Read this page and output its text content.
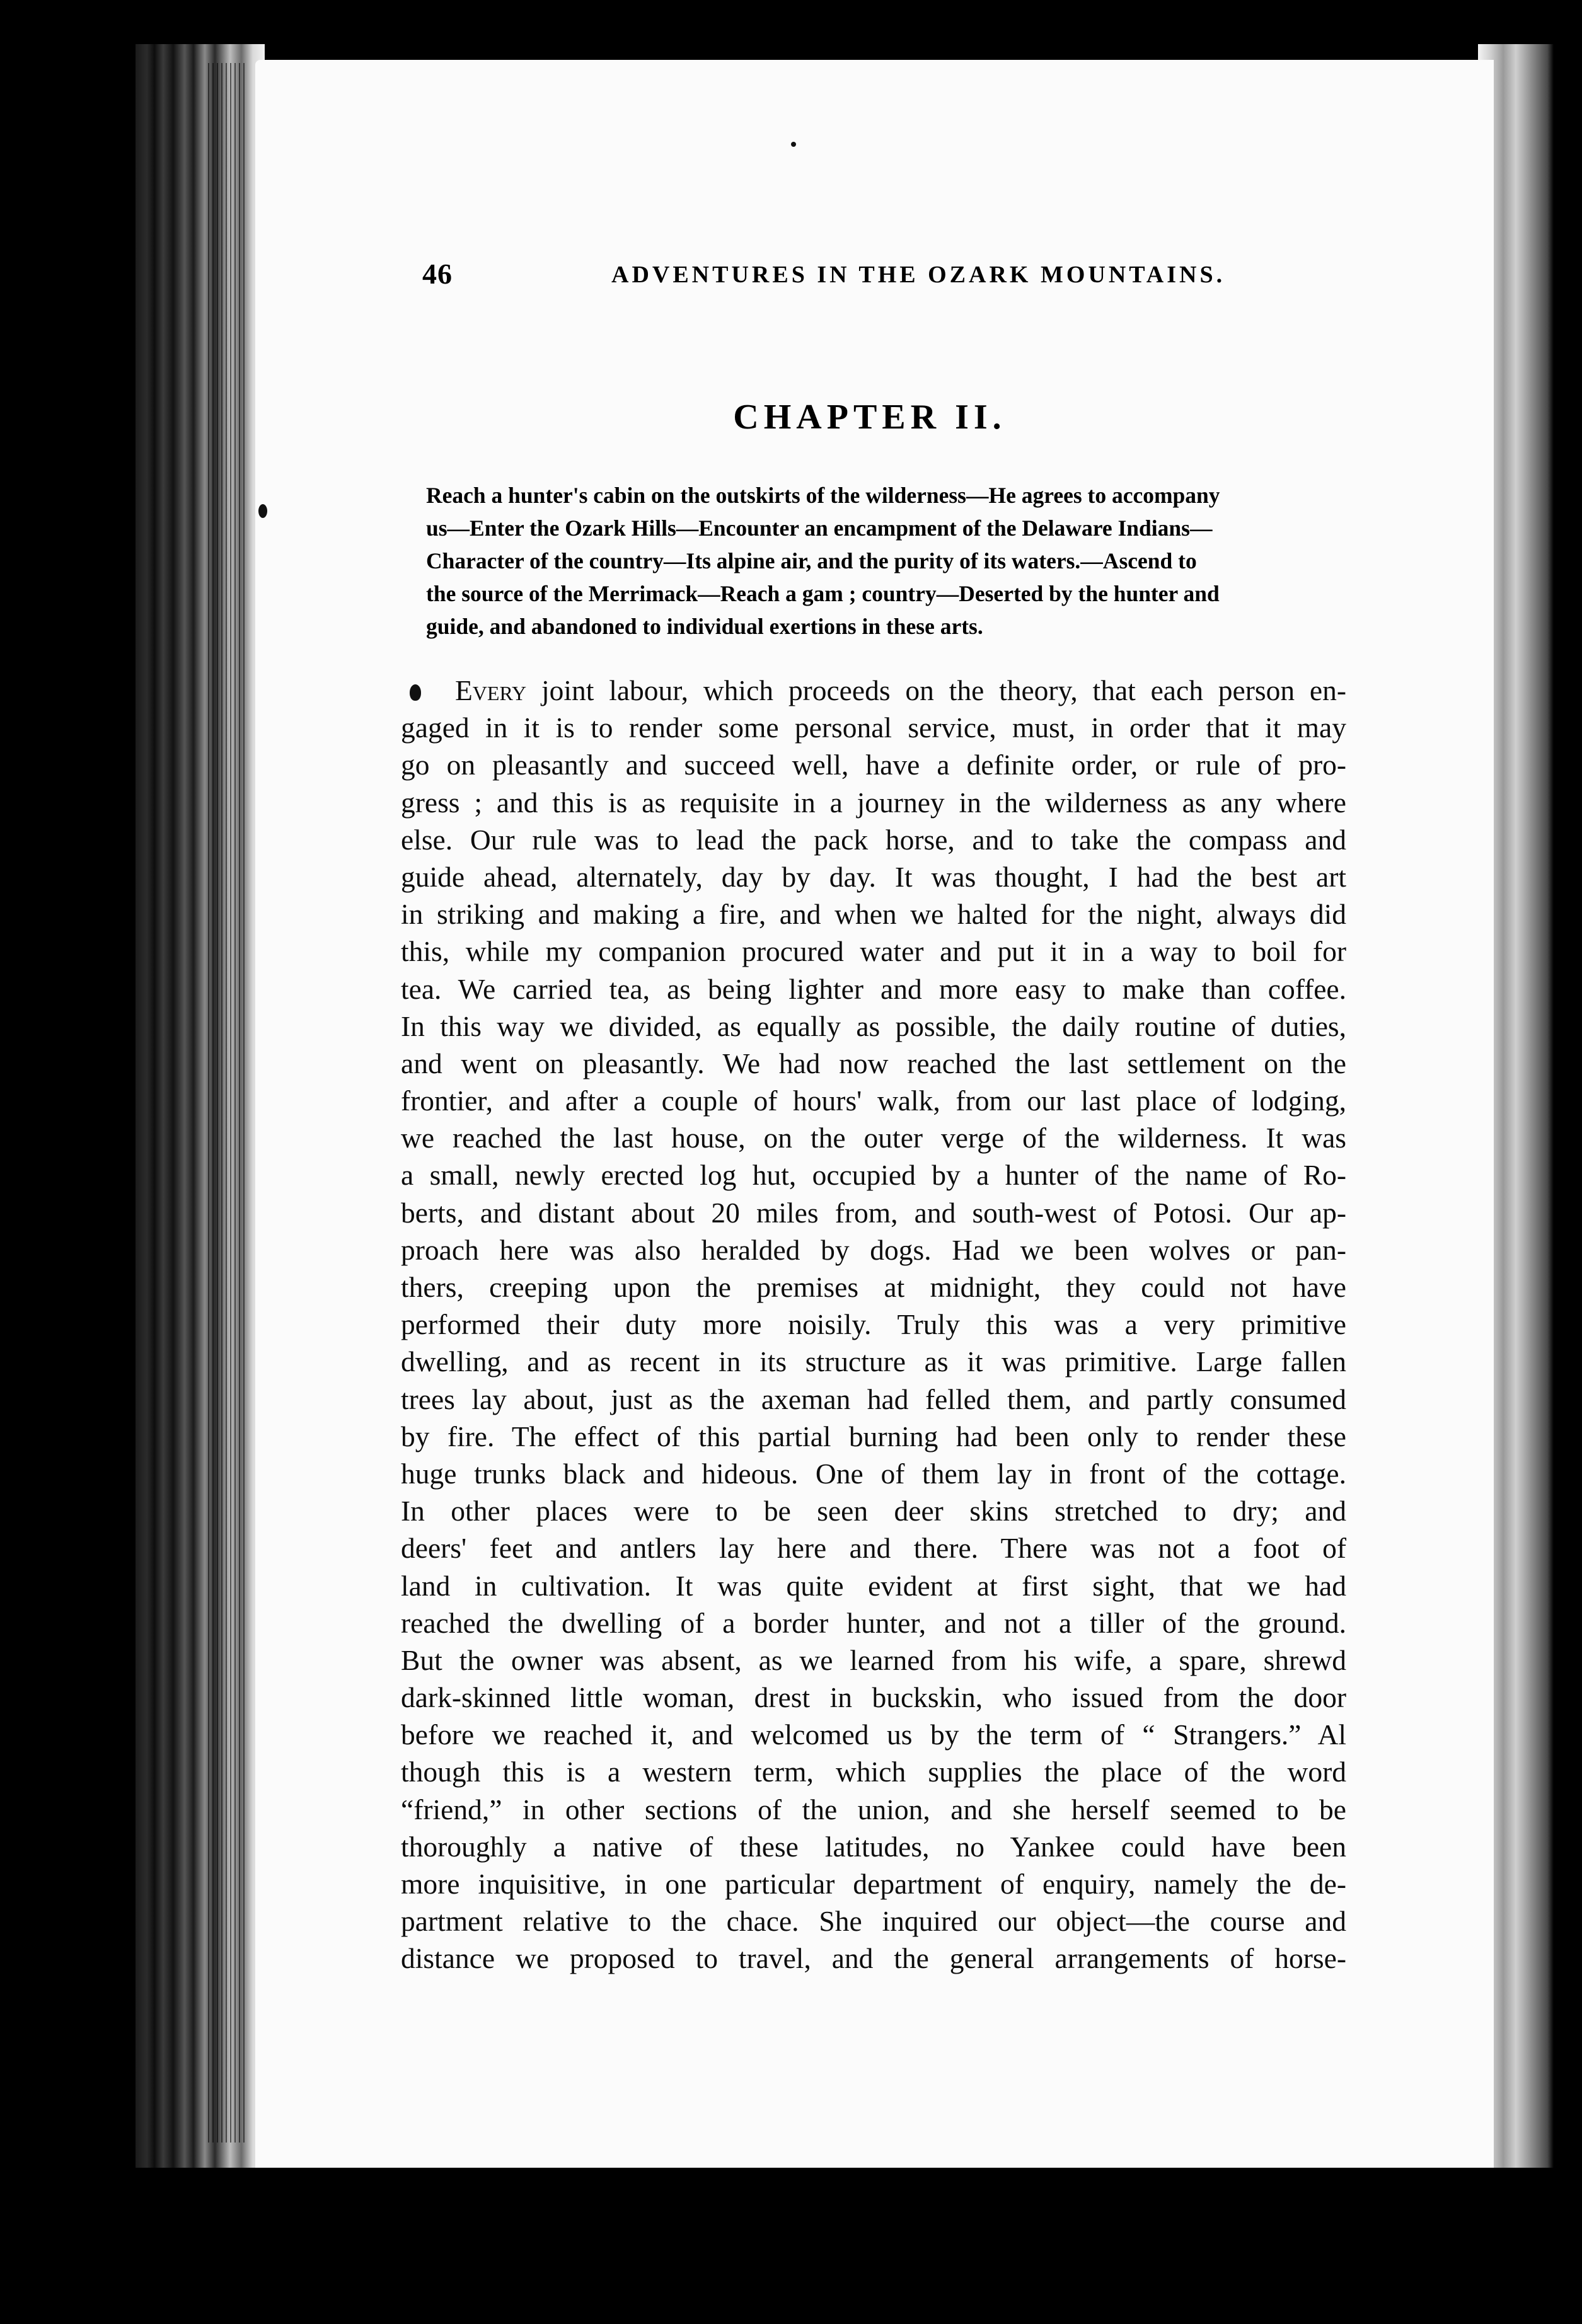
46	ADVENTURES IN THE OZARK MOUNTAINS.
CHAPTER II.
Reach a hunter's cabin on the outskirts of the wilderness—He agrees to accompany
us—Enter the Ozark Hills—Encounter an encampment of the Delaware Indians—
Character of the country—Its alpine air, and the purity of its waters.—Ascend to
the source of the Merrimack—Reach a gam ; country—Deserted by the hunter and
guide, and abandoned to individual exertions in these arts.
Every joint labour, which proceeds on the theory, that each person en-
gaged in it is to render some personal service, must, in order that it may
go on pleasantly and succeed well, have a definite order, or rule of pro-
gress ; and this is as requisite in a journey in the wilderness as any where
else. Our rule was to lead the pack horse, and to take the compass and
guide ahead, alternately, day by day. It was thought, I had the best art
in striking and making a fire, and when we halted for the night, always did
this, while my companion procured water and put it in a way to boil for
tea. We carried tea, as being lighter and more easy to make than coffee.
In this way we divided, as equally as possible, the daily routine of duties,
and went on pleasantly. We had now reached the last settlement on the
frontier, and after a couple of hours' walk, from our last place of lodging,
we reached the last house, on the outer verge of the wilderness. It was
a small, newly erected log hut, occupied by a hunter of the name of Ro-
berts, and distant about 20 miles from, and south-west of Potosi. Our ap-
proach here was also heralded by dogs. Had we been wolves or pan-
thers, creeping upon the premises at midnight, they could not have
performed their duty more noisily. Truly this was a very primitive
dwelling, and as recent in its structure as it was primitive. Large fallen
trees lay about, just as the axeman had felled them, and partly consumed
by fire. The effect of this partial burning had been only to render these
huge trunks black and hideous. One of them lay in front of the cottage.
In other places were to be seen deer skins stretched to dry; and
deers' feet and antlers lay here and there. There was not a foot of
land in cultivation. It was quite evident at first sight, that we had
reached the dwelling of a border hunter, and not a tiller of the ground.
But the owner was absent, as we learned from his wife, a spare, shrewd
dark-skinned little woman, drest in buckskin, who issued from the door
before we reached it, and welcomed us by the term of “ Strangers.” Al
though this is a western term, which supplies the place of the word
“friend,” in other sections of the union, and she herself seemed to be
thoroughly a native of these latitudes, no Yankee could have been
more inquisitive, in one particular department of enquiry, namely the de-
partment relative to the chace. She inquired our object—the course and
distance we proposed to travel, and the general arrangements of horse-
